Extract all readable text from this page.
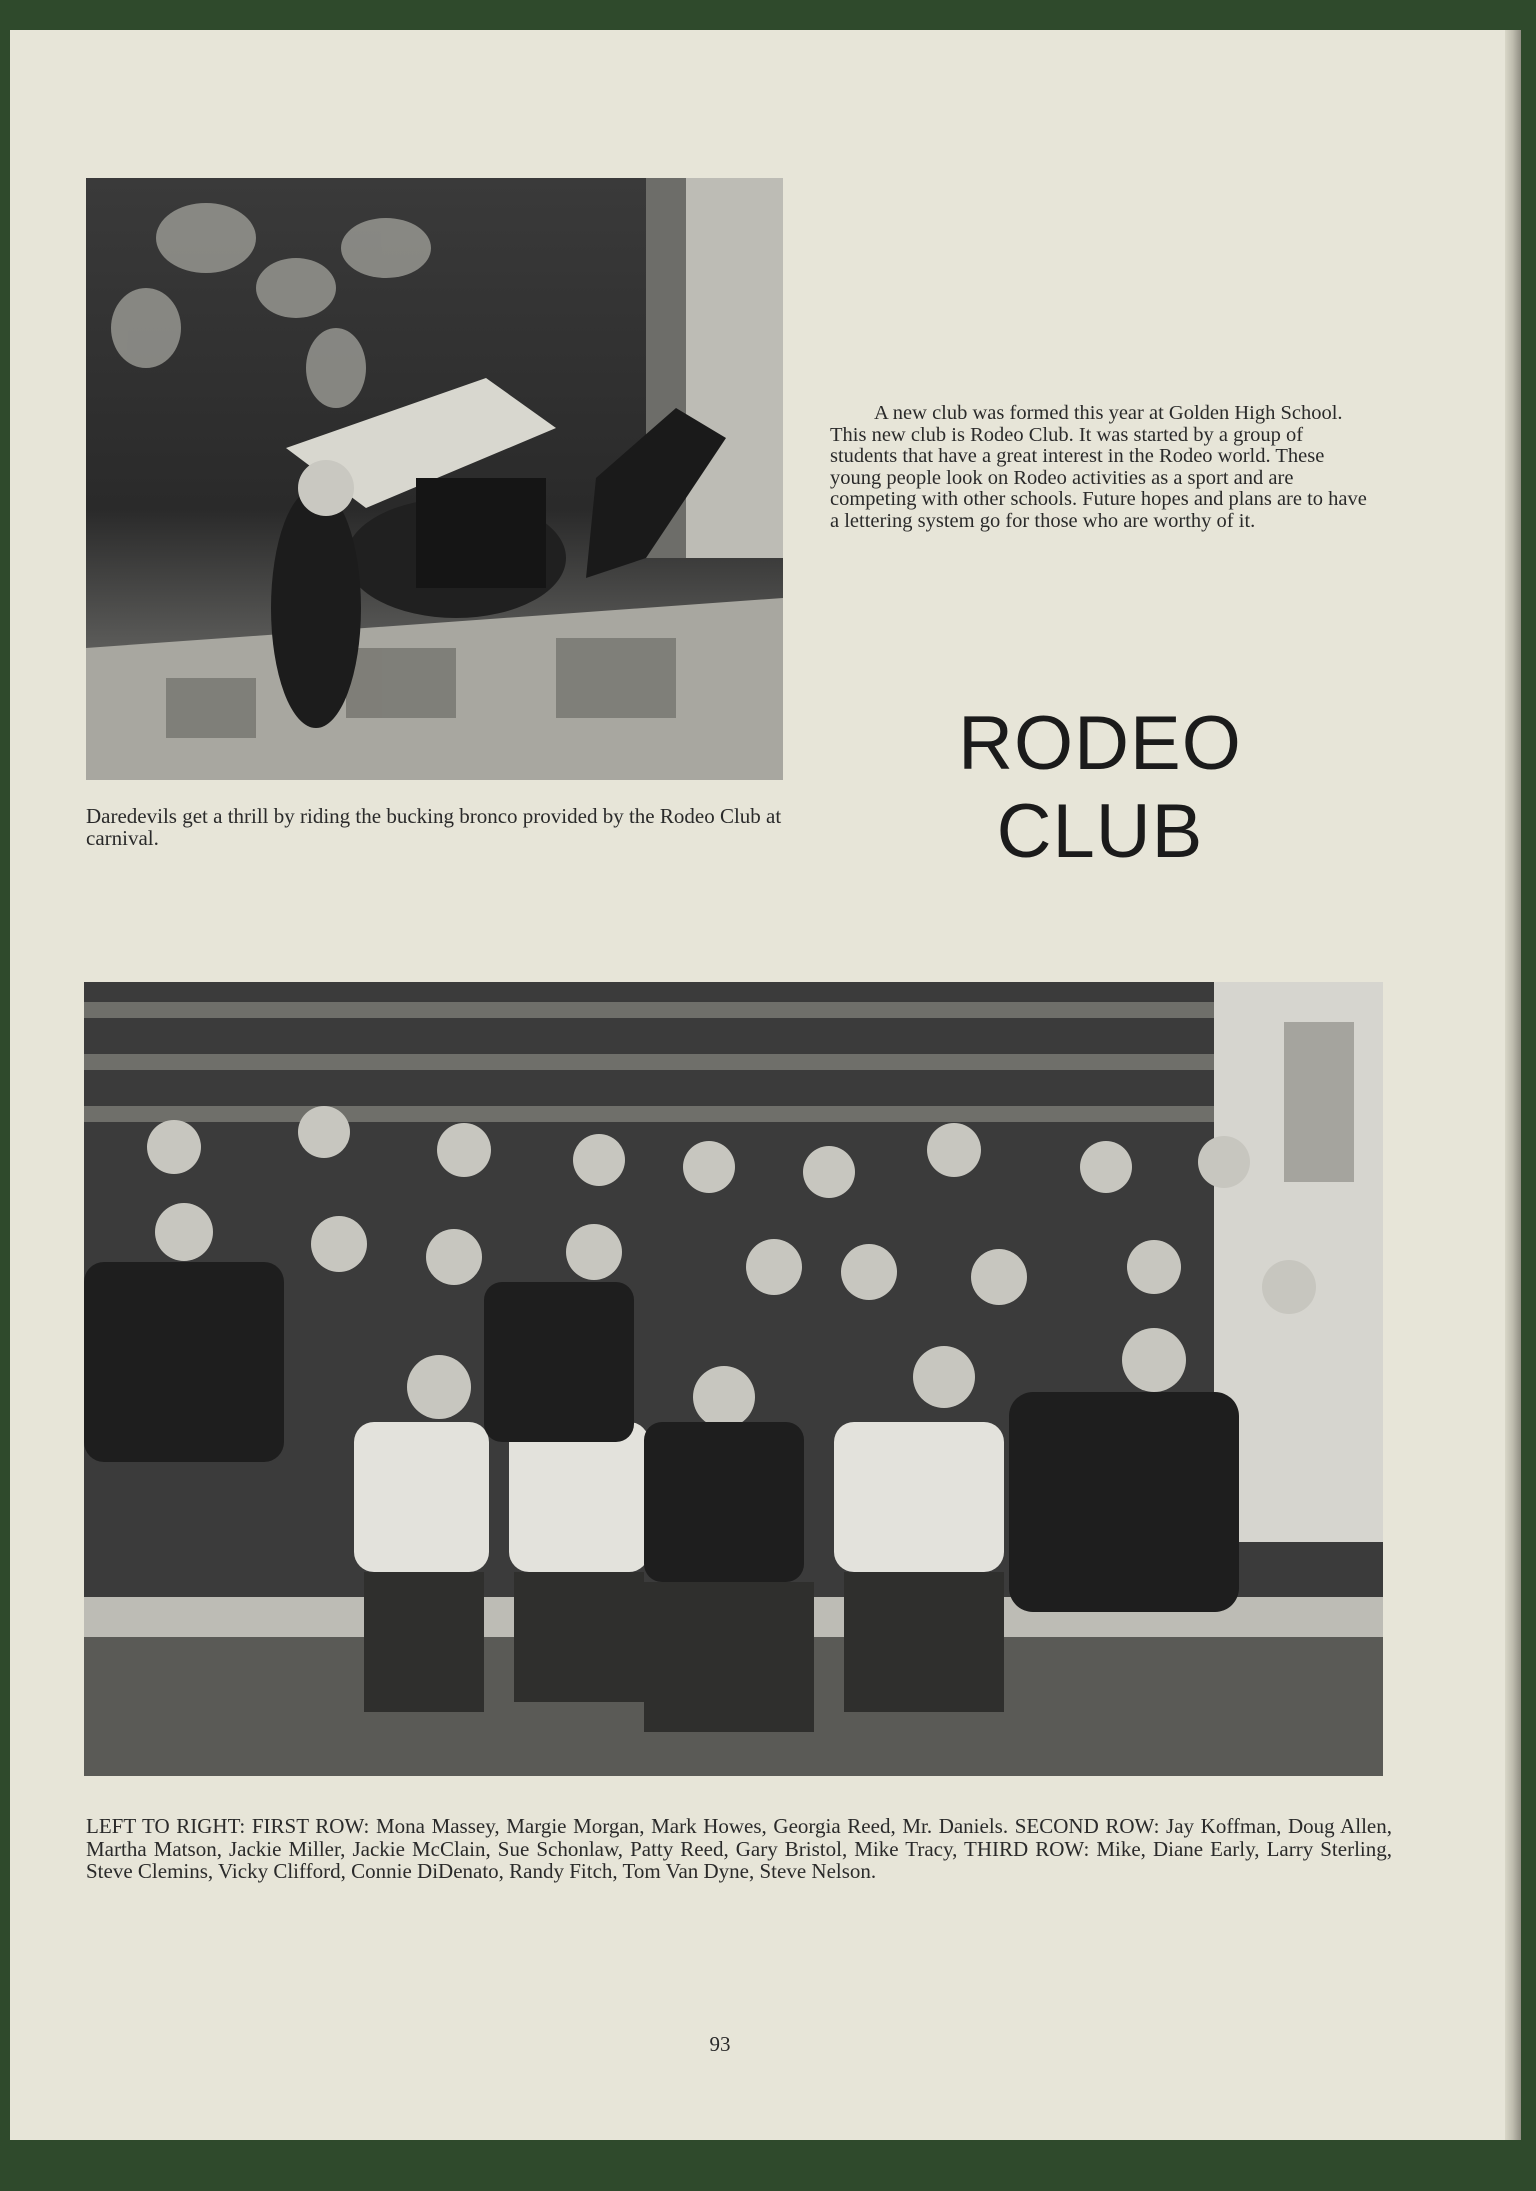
Daredevils get a thrill by riding the bucking bronco provided by the Rodeo Club at carnival.

A new club was formed this year at Golden High School. This new club is Rodeo Club. It was started by a group of students that have a great interest in the Rodeo world. These young people look on Rodeo activities as a sport and are competing with other schools. Future hopes and plans are to have a lettering system go for those who are worthy of it.

RODEO
CLUB

LEFT TO RIGHT: FIRST ROW: Mona Massey, Margie Morgan, Mark Howes, Georgia Reed, Mr. Daniels. SECOND ROW: Jay Koffman, Doug Allen, Martha Matson, Jackie Miller, Jackie McClain, Sue Schonlaw, Patty Reed, Gary Bristol, Mike Tracy, THIRD ROW: Mike, Diane Early, Larry Sterling, Steve Clemins, Vicky Clifford, Connie DiDenato, Randy Fitch, Tom Van Dyne, Steve Nelson.

93
